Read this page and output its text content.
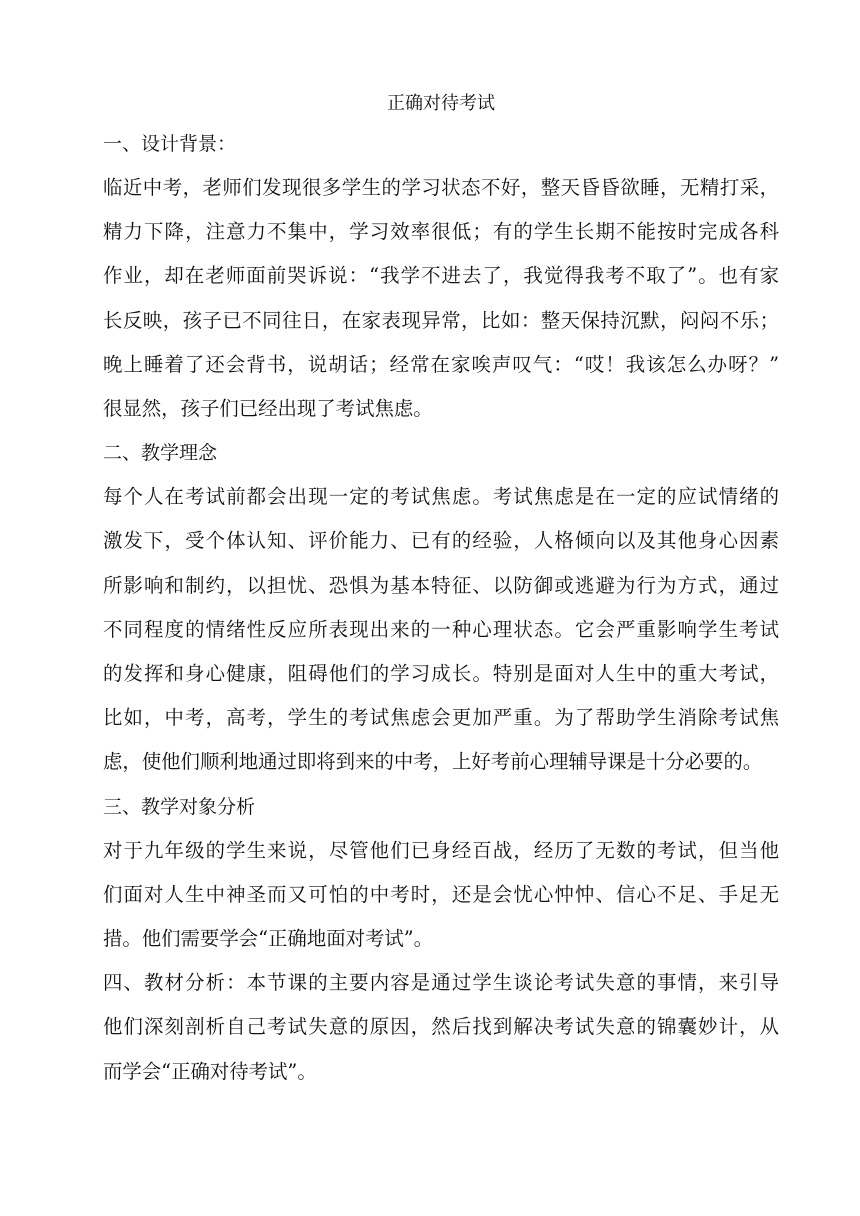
正确对待考试
一、设计背景：

临近中考，老师们发现很多学生的学习状态不好，整天昏昏欲睡，无精打采，
精力下降，注意力不集中，学习效率很低；有的学生长期不能按时完成各科
作业，却在老师面前哭诉说：“我学不进去了，我觉得我考不取了”。也有家
长反映，孩子已不同往日，在家表现异常，比如：整天保持沉默，闷闷不乐；
晚上睡着了还会背书，说胡话；经常在家唉声叹气：“哎！我该怎么办呀？”
很显然，孩子们已经出现了考试焦虑。

二、教学理念

每个人在考试前都会出现一定的考试焦虑。考试焦虑是在一定的应试情绪的
激发下，受个体认知、评价能力、已有的经验，人格倾向以及其他身心因素
所影响和制约，以担忧、恐惧为基本特征、以防御或逃避为行为方式，通过
不同程度的情绪性反应所表现出来的一种心理状态。它会严重影响学生考试
的发挥和身心健康，阻碍他们的学习成长。特别是面对人生中的重大考试，
比如，中考，高考，学生的考试焦虑会更加严重。为了帮助学生消除考试焦
虑，使他们顺利地通过即将到来的中考，上好考前心理辅导课是十分必要的。

三、教学对象分析

对于九年级的学生来说，尽管他们已身经百战，经历了无数的考试，但当他
们面对人生中神圣而又可怕的中考时，还是会忧心忡忡、信心不足、手足无
措。他们需要学会“正确地面对考试”。

四、教材分析：本节课的主要内容是通过学生谈论考试失意的事情，来引导
他们深刻剖析自己考试失意的原因，然后找到解决考试失意的锦囊妙计，从
而学会“正确对待考试”。
